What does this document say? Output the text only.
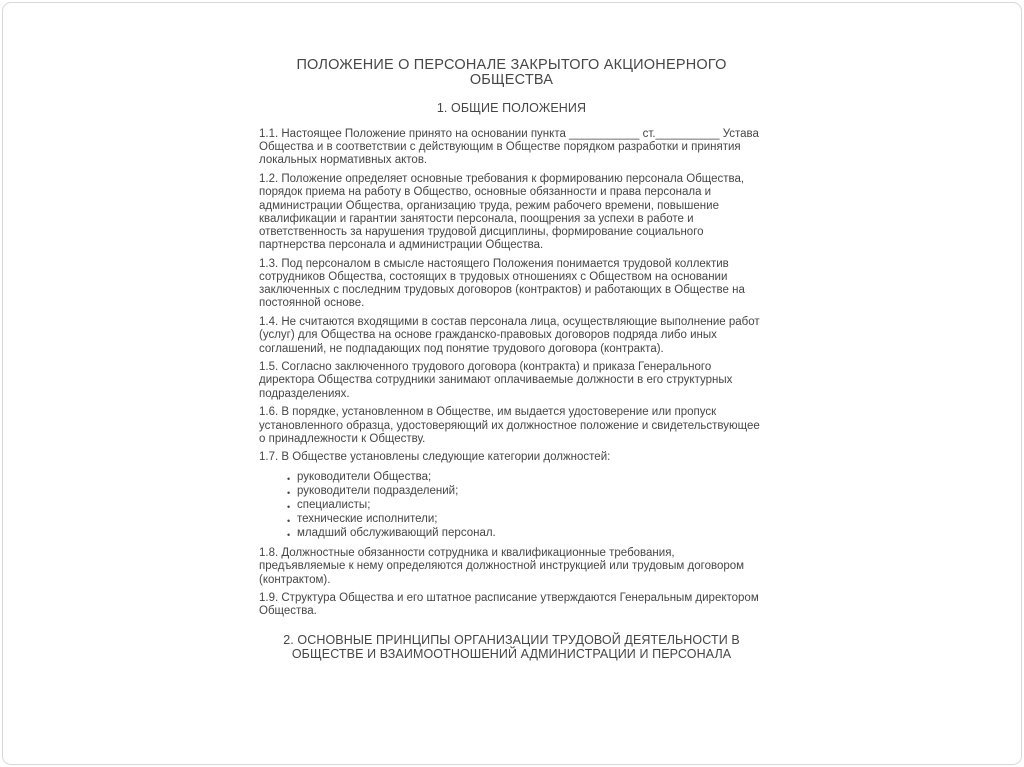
ПОЛОЖЕНИЕ О ПЕРСОНАЛЕ ЗАКРЫТОГО АКЦИОНЕРНОГО ОБЩЕСТВА
1. ОБЩИЕ ПОЛОЖЕНИЯ

1.1. Настоящее Положение принято на основании пункта ___________ ст.__________ Устава Общества и в соответствии с действующим в Обществе порядком разработки и принятия локальных нормативных актов.

1.2. Положение определяет основные требования к формированию персонала Общества, порядок приема на работу в Общество, основные обязанности и права персонала и администрации Общества, организацию труда, режим рабочего времени, повышение квалификации и гарантии занятости персонала, поощрения за успехи в работе и ответственность за нарушения трудовой дисциплины, формирование социального партнерства персонала и администрации Общества.

1.3. Под персоналом в смысле настоящего Положения понимается трудовой коллектив сотрудников Общества, состоящих в трудовых отношениях с Обществом на основании заключенных с последним трудовых договоров (контрактов) и работающих в Обществе на постоянной основе.

1.4. Не считаются входящими в состав персонала лица, осуществляющие выполнение работ (услуг) для Общества на основе гражданско-правовых договоров подряда либо иных соглашений, не подпадающих под понятие трудового договора (контракта).

1.5. Согласно заключенного трудового договора (контракта) и приказа Генерального директора Общества сотрудники занимают оплачиваемые должности в его структурных подразделениях.

1.6. В порядке, установленном в Обществе, им выдается удостоверение или пропуск установленного образца, удостоверяющий их должностное положение и свидетельствующее о принадлежности к Обществу.

1.7. В Обществе установлены следующие категории должностей:

• руководители Общества;
• руководители подразделений;
• специалисты;
• технические исполнители;
• младший обслуживающий персонал.

1.8. Должностные обязанности сотрудника и квалификационные требования, предъявляемые к нему определяются должностной инструкцией или трудовым договором (контрактом).

1.9. Структура Общества и его штатное расписание утверждаются Генеральным директором Общества.

2. ОСНОВНЫЕ ПРИНЦИПЫ ОРГАНИЗАЦИИ ТРУДОВОЙ ДЕЯТЕЛЬНОСТИ В ОБЩЕСТВЕ И ВЗАИМООТНОШЕНИЙ АДМИНИСТРАЦИИ И ПЕРСОНАЛА
